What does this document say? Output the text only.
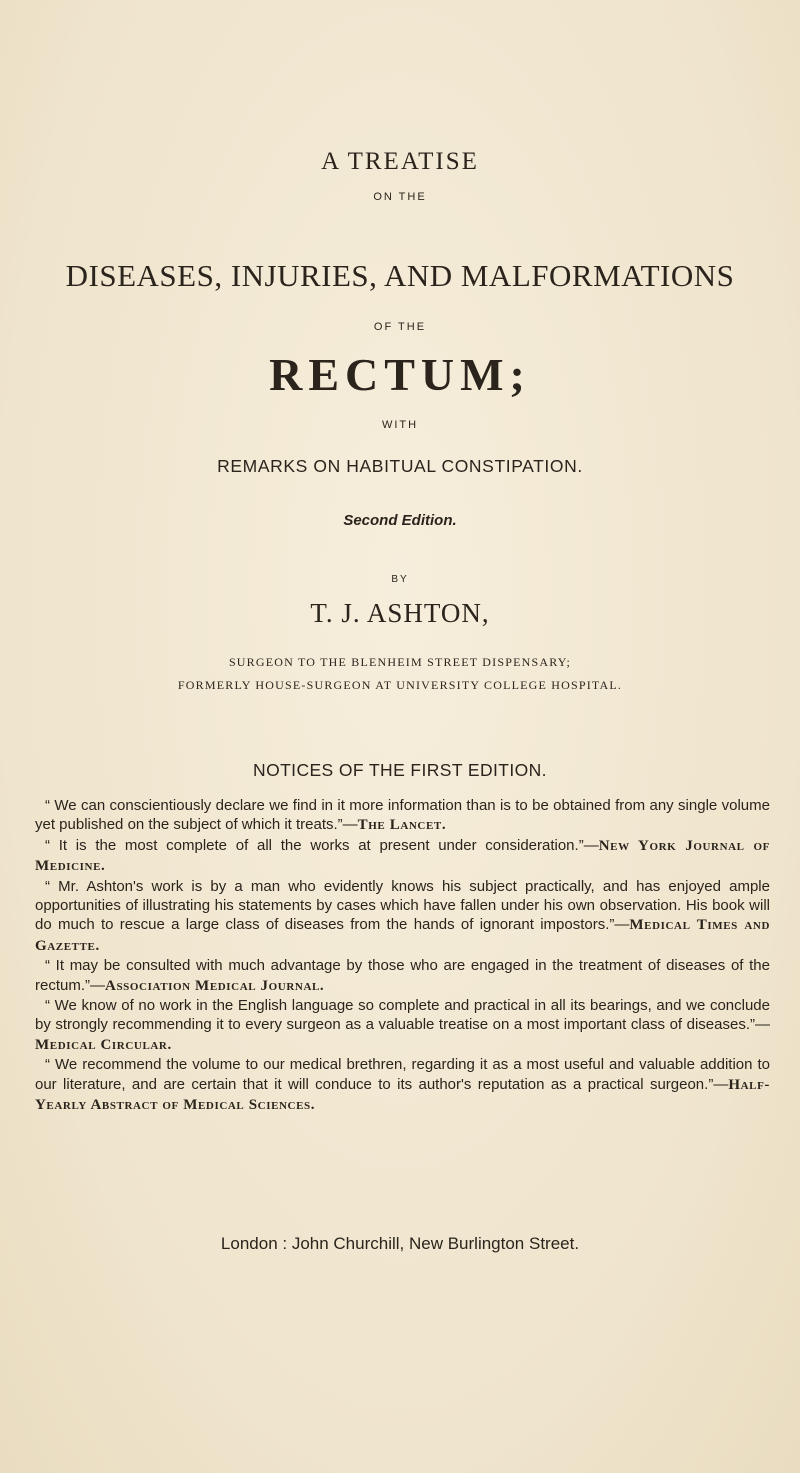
A TREATISE
ON THE
DISEASES, INJURIES, AND MALFORMATIONS
OF THE
RECTUM;
WITH
REMARKS ON HABITUAL CONSTIPATION.
Second Edition.
BY
T. J. ASHTON,
SURGEON TO THE BLENHEIM STREET DISPENSARY;
FORMERLY HOUSE-SURGEON AT UNIVERSITY COLLEGE HOSPITAL.
NOTICES OF THE FIRST EDITION.

“ We can conscientiously declare we find in it more information than is to be obtained from any single volume yet published on the subject of which it treats.”—The Lancet.

“ It is the most complete of all the works at present under consideration.”—New York Journal of Medicine.

“ Mr. Ashton's work is by a man who evidently knows his subject practically, and has enjoyed ample opportunities of illustrating his statements by cases which have fallen under his own observation. His book will do much to rescue a large class of diseases from the hands of ignorant impostors.”—Medical Times and Gazette.

“ It may be consulted with much advantage by those who are engaged in the treatment of diseases of the rectum.”—Association Medical Journal.

“ We know of no work in the English language so complete and practical in all its bearings, and we conclude by strongly recommending it to every surgeon as a valuable treatise on a most important class of diseases.”—Medical Circular.

“ We recommend the volume to our medical brethren, regarding it as a most useful and valuable addition to our literature, and are certain that it will conduce to its author's reputation as a practical surgeon.”—Half-Yearly Abstract of Medical Sciences.

London : John Churchill, New Burlington Street.
